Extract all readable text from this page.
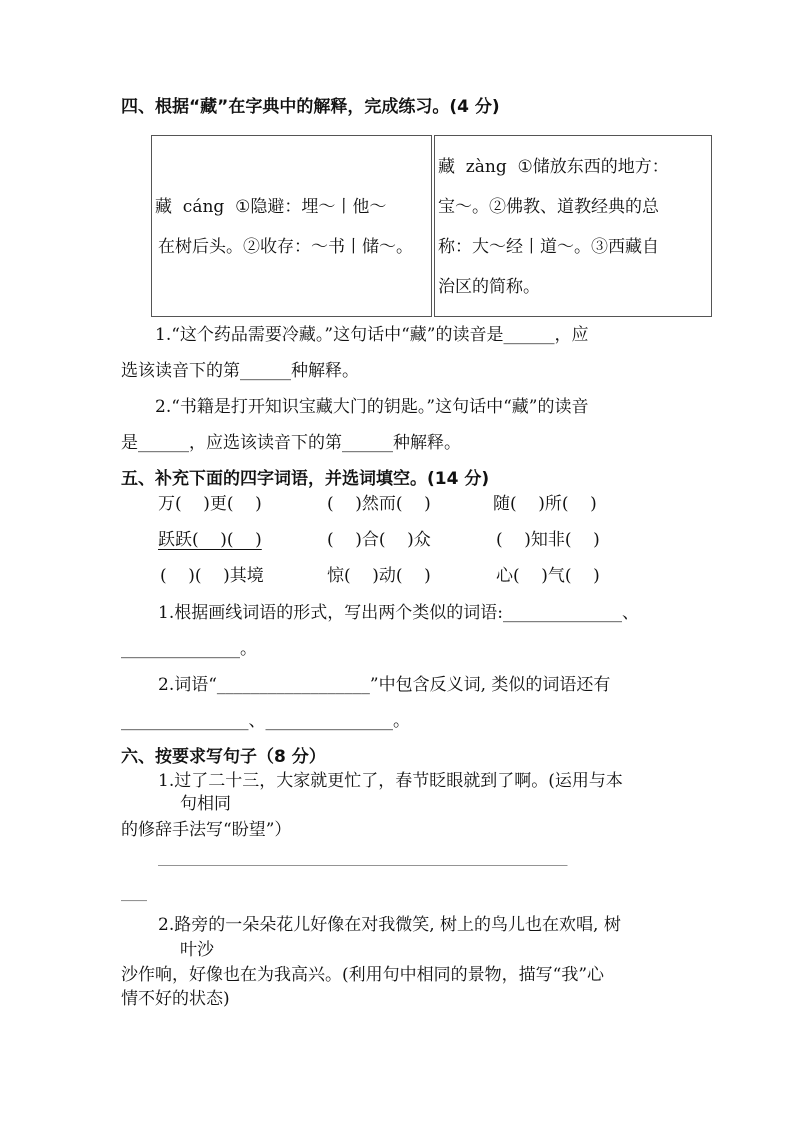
四、根据“藏”在字典中的解释，完成练习。(4 分)
藏  cáng  ①隐避：埋～丨他～
在树后头。②收存：～书丨储～。
藏  zàng  ①储放东西的地方：
宝～。②佛教、道教经典的总
称：大～经丨道～。③西藏自
治区的简称。
1.“这个药品需要冷藏。”这句话中“藏”的读音是______，应
选该读音下的第______种解释。
2.“书籍是打开知识宝藏大门的钥匙。”这句话中“藏”的读音
是______，应选该读音下的第______种解释。
五、补充下面的四字词语，并选词填空。(14 分)
万(    )更(    )	(    )然而(    )	随(    )所(    )
跃跃(    )(    )	(    )合(    )众	(    )知非(    )
(    )(    )其境	惊(    )动(    )	心(    )气(    )
1.根据画线词语的形式，写出两个类似的词语:______________、
______________。
2.词语“__________________”中包含反义词, 类似的词语还有
_______________、_______________。
六、按要求写句子（8 分）
1.过了二十三，大家就更忙了，春节眨眼就到了啊。(运用与本
句相同
的修辞手法写“盼望”）
_______________________________________________________________
____
2.路旁的一朵朵花儿好像在对我微笑, 树上的鸟儿也在欢唱, 树
叶沙
沙作响，好像也在为我高兴。(利用句中相同的景物，描写“我”心
情不好的状态)
